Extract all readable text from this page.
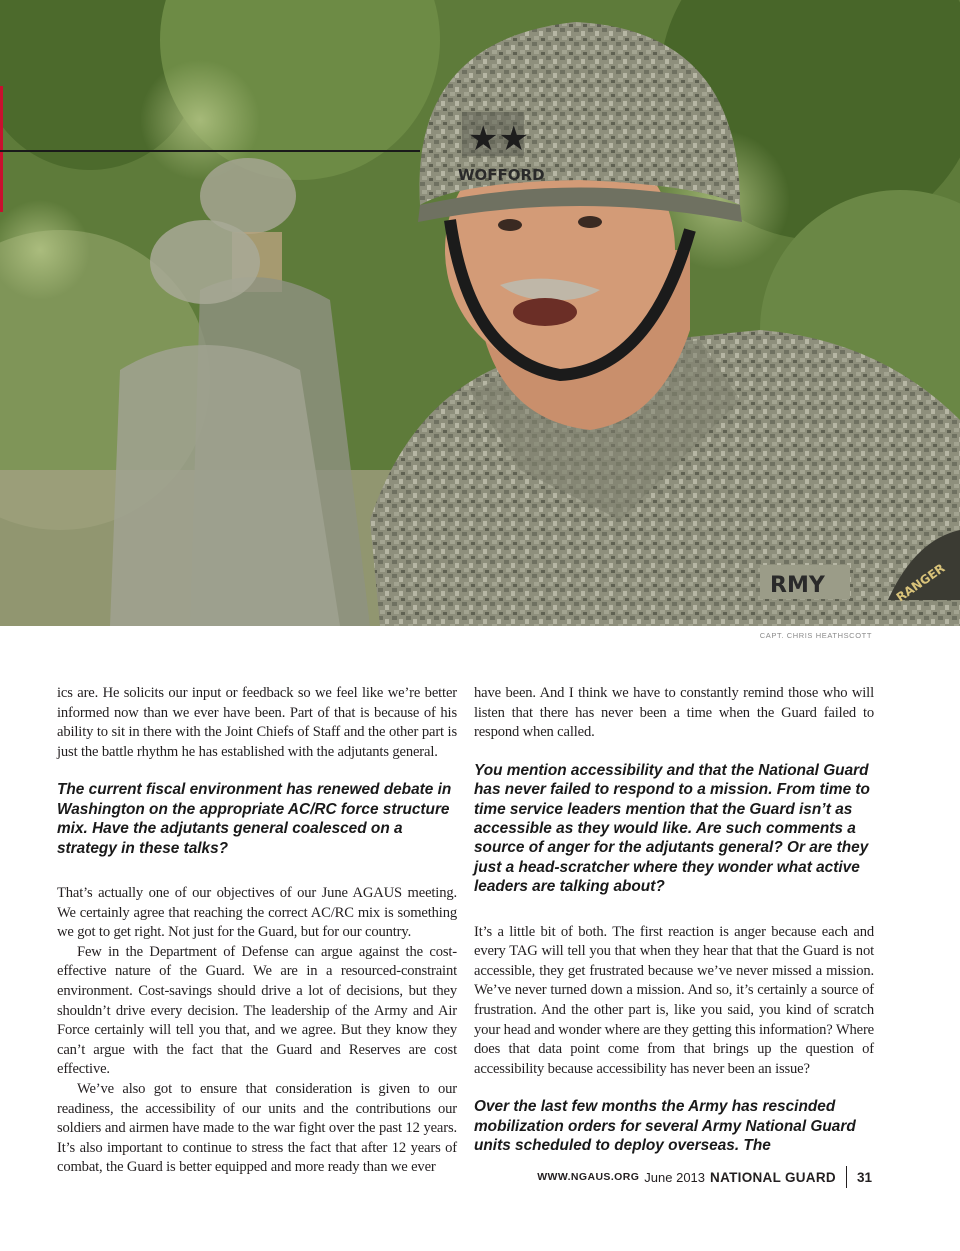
★★
WOFFORD
RMY	RANGER
CAPT. CHRIS HEATHSCOTT

ics are. He solicits our input or feedback so we feel like we’re better informed now than we ever have been. Part of that is because of his ability to sit in there with the Joint Chiefs of Staff and the other part is just the battle rhythm he has established with the adjutants general.

The current fiscal environment has renewed debate in Washington on the appropriate AC/RC force structure mix. Have the adjutants general coalesced on a strategy in these talks?

That’s actually one of our objectives of our June AGAUS meeting. We certainly agree that reaching the correct AC/RC mix is something we got to get right. Not just for the Guard, but for our country.

Few in the Department of Defense can argue against the cost-effective nature of the Guard. We are in a resourced-constraint environment. Cost-savings should drive a lot of decisions, but they shouldn’t drive every decision. The leadership of the Army and Air Force certainly will tell you that, and we agree. But they know they can’t argue with the fact that the Guard and Reserves are cost effective.

We’ve also got to ensure that consideration is given to our readiness, the accessibility of our units and the contributions our soldiers and airmen have made to the war fight over the past 12 years. It’s also important to continue to stress the fact that after 12 years of combat, the Guard is better equipped and more ready than we ever

have been. And I think we have to constantly remind those who will listen that there has never been a time when the Guard failed to respond when called.

You mention accessibility and that the National Guard has never failed to respond to a mission. From time to time service leaders mention that the Guard isn’t as accessible as they would like. Are such comments a source of anger for the adjutants general? Or are they just a head-scratcher where they wonder what active leaders are talking about?

It’s a little bit of both. The first reaction is anger because each and every TAG will tell you that when they hear that that the Guard is not accessible, they get frustrated because we’ve never missed a mission. We’ve never turned down a mission. And so, it’s certainly a source of frustration. And the other part is, like you said, you kind of scratch your head and wonder where are they getting this information? Where does that data point come from that brings up the question of accessibility because accessibility has never been an issue?

Over the last few months the Army has rescinded mobilization orders for several Army National Guard units scheduled to deploy overseas. The

WWW.NGAUS.ORG June 2013 NATIONAL GUARD 31
